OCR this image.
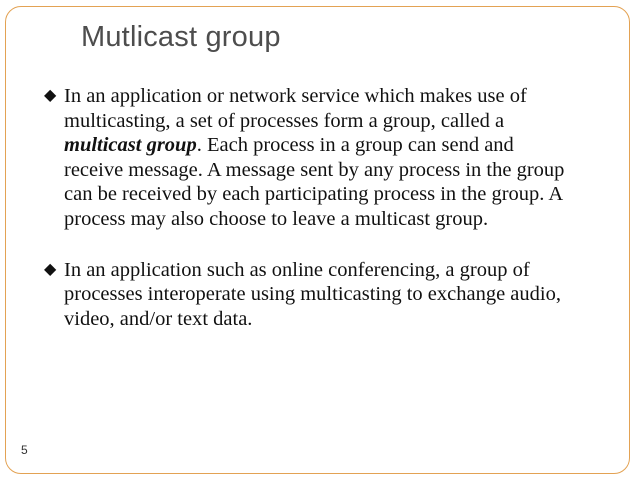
Mutlicast group
◆ In an application or network service which makes use of
multicasting, a set of processes form a group, called a
multicast group. Each process in a group can send and
receive message. A message sent by any process in the group
can be received by each participating process in the group. A
process may also choose to leave a multicast group.
◆ In an application such as online conferencing, a group of
processes interoperate using multicasting to exchange audio,
video, and/or text data.
5
